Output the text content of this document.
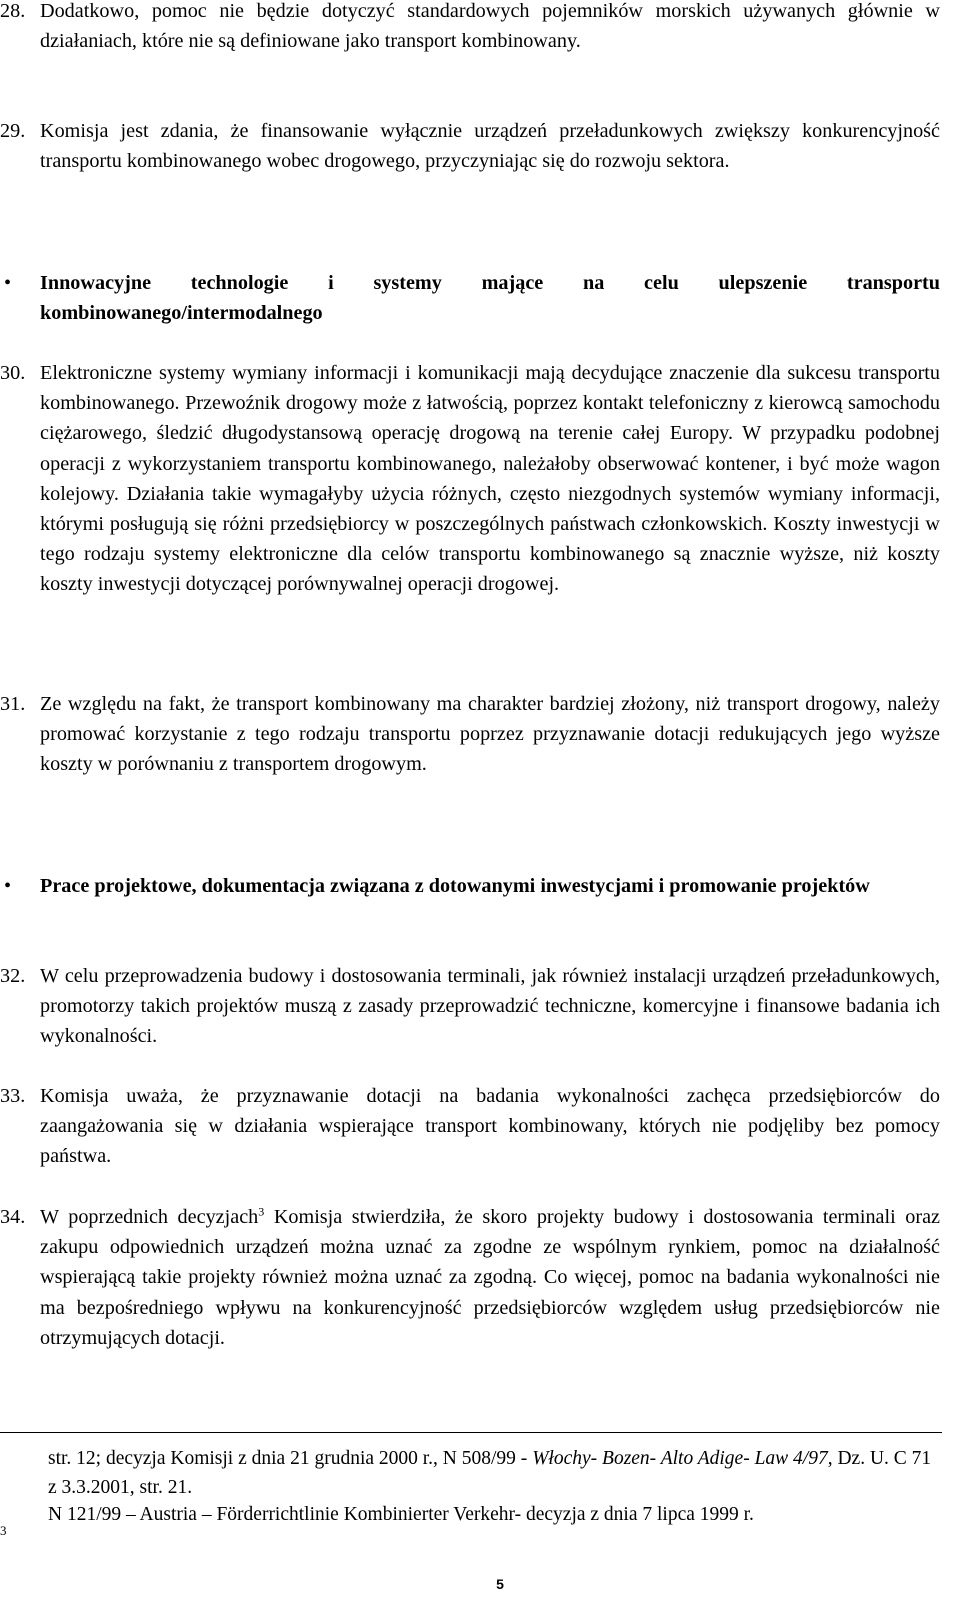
28. Dodatkowo, pomoc nie będzie dotyczyć standardowych pojemników morskich używanych głównie w działaniach, które nie są definiowane jako transport kombinowany.
29. Komisja jest zdania, że finansowanie wyłącznie urządzeń przeładunkowych zwiększy konkurencyjność transportu kombinowanego wobec drogowego, przyczyniając się do rozwoju sektora.
• Innowacyjne technologie i systemy mające na celu ulepszenie transportu kombinowanego/intermodalnego
30. Elektroniczne systemy wymiany informacji i komunikacji mają decydujące znaczenie dla sukcesu transportu kombinowanego. Przewoźnik drogowy może z łatwością, poprzez kontakt telefoniczny z kierowcą samochodu ciężarowego, śledzić długodystansową operację drogową na terenie całej Europy. W przypadku podobnej operacji z wykorzystaniem transportu kombinowanego, należałoby obserwować kontener, i być może wagon kolejowy. Działania takie wymagałyby użycia różnych, często niezgodnych systemów wymiany informacji, którymi posługują się różni przedsiębiorcy w poszczególnych państwach członkowskich. Koszty inwestycji w tego rodzaju systemy elektroniczne dla celów transportu kombinowanego są znacznie wyższe, niż koszty koszty inwestycji dotyczącej porównywalnej operacji drogowej.
31. Ze względu na fakt, że transport kombinowany ma charakter bardziej złożony, niż transport drogowy, należy promować korzystanie z tego rodzaju transportu poprzez przyznawanie dotacji redukujących jego wyższe koszty w porównaniu z transportem drogowym.
• Prace projektowe, dokumentacja związana z dotowanymi inwestycjami i promowanie projektów
32. W celu przeprowadzenia budowy i dostosowania terminali, jak również instalacji urządzeń przeładunkowych, promotorzy takich projektów muszą z zasady przeprowadzić techniczne, komercyjne i finansowe badania ich wykonalności.
33. Komisja uważa, że przyznawanie dotacji na badania wykonalności zachęca przedsiębiorców do zaangażowania się w działania wspierające transport kombinowany, których nie podjęliby bez pomocy państwa.
34. W poprzednich decyzjach$^3$ Komisja stwierdziła, że skoro projekty budowy i dostosowania terminali oraz zakupu odpowiednich urządzeń można uznać za zgodne ze wspólnym rynkiem, pomoc na działalność wspierającą takie projekty również można uznać za zgodną. Co więcej, pomoc na badania wykonalności nie ma bezpośredniego wpływu na konkurencyjność przedsiębiorców względem usług przedsiębiorców nie otrzymujących dotacji.
str. 12; decyzja Komisji z dnia 21 grudnia 2000 r., N 508/99 - Włochy- Bozen- Alto Adige- Law 4/97, Dz. U. C 71 z 3.3.2001, str. 21.
3
N 121/99 – Austria – Förderrichtlinie Kombinierter Verkehr- decyzja z dnia 7 lipca 1999 r.
5
